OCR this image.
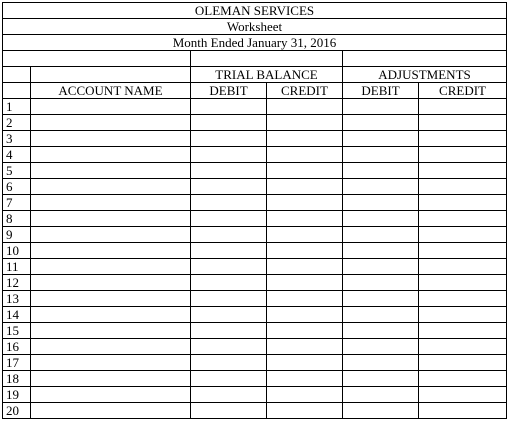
OLEMAN SERVICES					
Worksheet					
Month Ended January 31, 2016					

		TRIAL BALANCE		ADJUSTMENTS	
	ACCOUNT NAME	DEBIT	CREDIT	DEBIT	CREDIT
1					
2					
3					
4					
5					
6					
7					
8					
9					
10					
11					
12					
13					
14					
15					
16					
17					
18					
19					
20					
